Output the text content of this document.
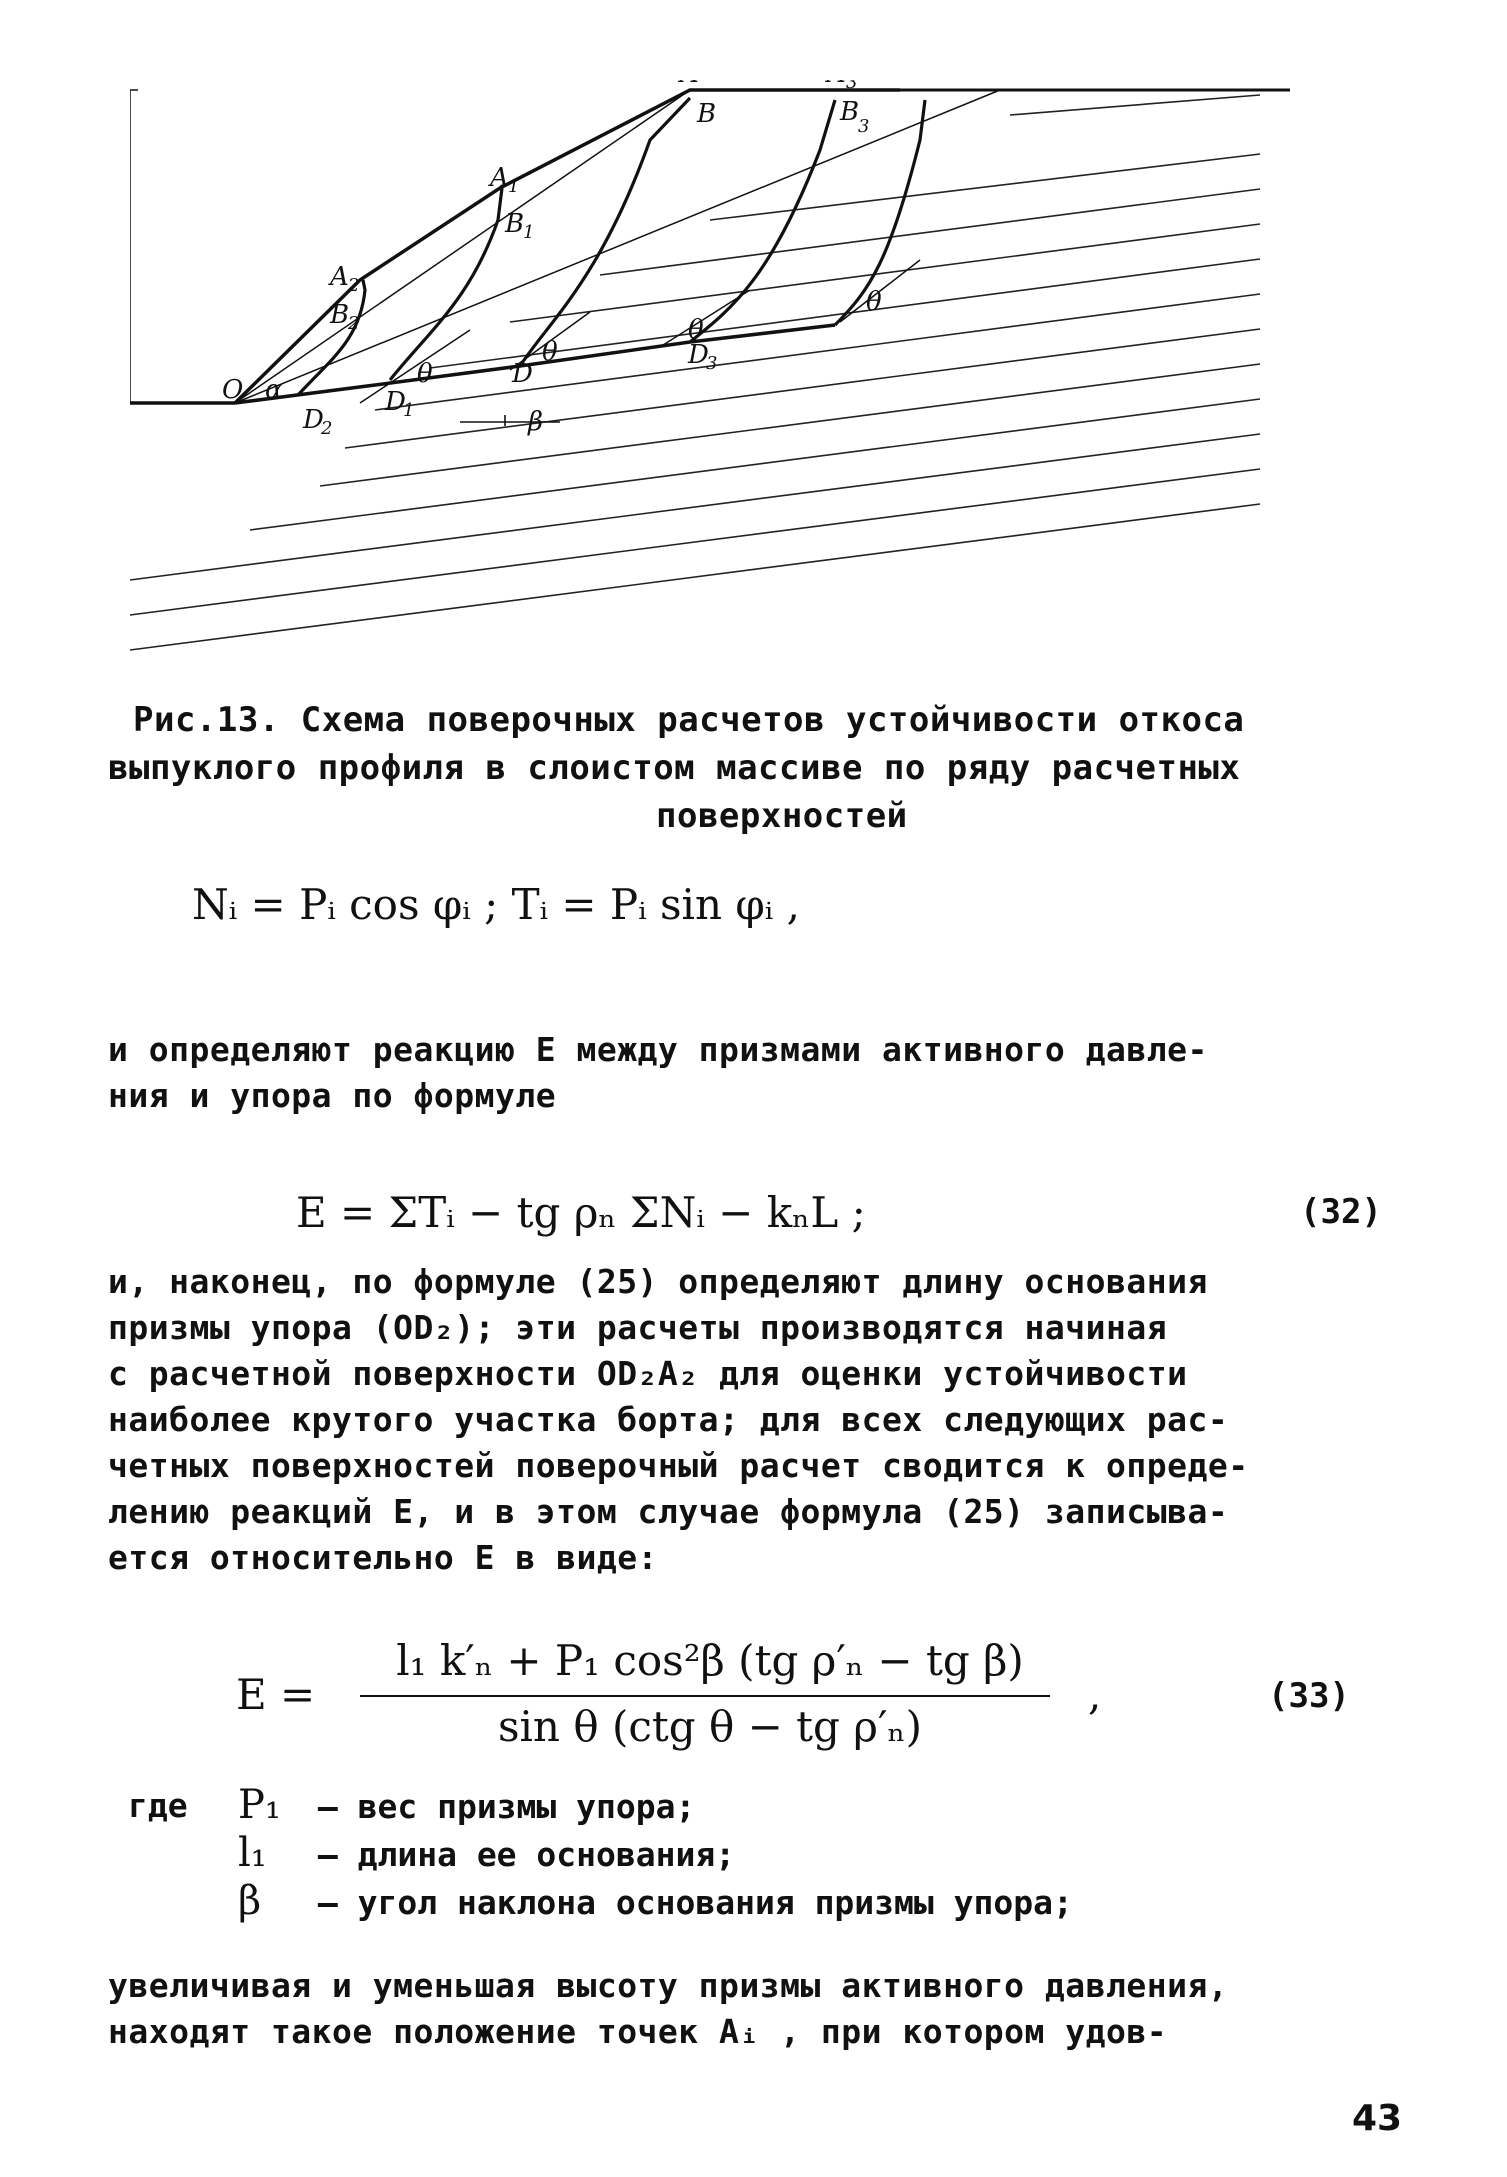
3
B	B
3
A 1
B
1
A 2
B
2
O α
θ
θ
θ
θ
D
2
D
1
D
D
3
β
Рис.13. Схема поверочных расчетов устойчивости откоса
выпуклого профиля в слоистом массиве по ряду расчетных
поверхностей
Nᵢ = Pᵢ cos φᵢ ; Tᵢ = Pᵢ sin φᵢ ,
и определяют реакцию E между призмами активного давле-
ния и упора по формуле
E = ΣTᵢ − tg ρₙ ΣNᵢ − kₙL ;	(32)
и, наконец, по формуле (25) определяют длину основания
призмы упора (OD₂); эти расчеты производятся начиная
с расчетной поверхности OD₂A₂ для оценки устойчивости
наиболее крутого участка борта; для всех следующих рас-
четных поверхностей поверочный расчет сводится к опреде-
лению реакций E, и в этом случае формула (25) записыва-
ется относительно E в виде:
E =
l₁ k′ₙ + P₁ cos²β (tg ρ′ₙ − tg β)
sin θ (ctg θ − tg ρ′ₙ)
,	(33)
где P₁ – вес призмы упора;
l₁ – длина ее основания;
β – угол наклона основания призмы упора;
увеличивая и уменьшая высоту призмы активного давления,
находят такое положение точек Aᵢ , при котором удов-
43
